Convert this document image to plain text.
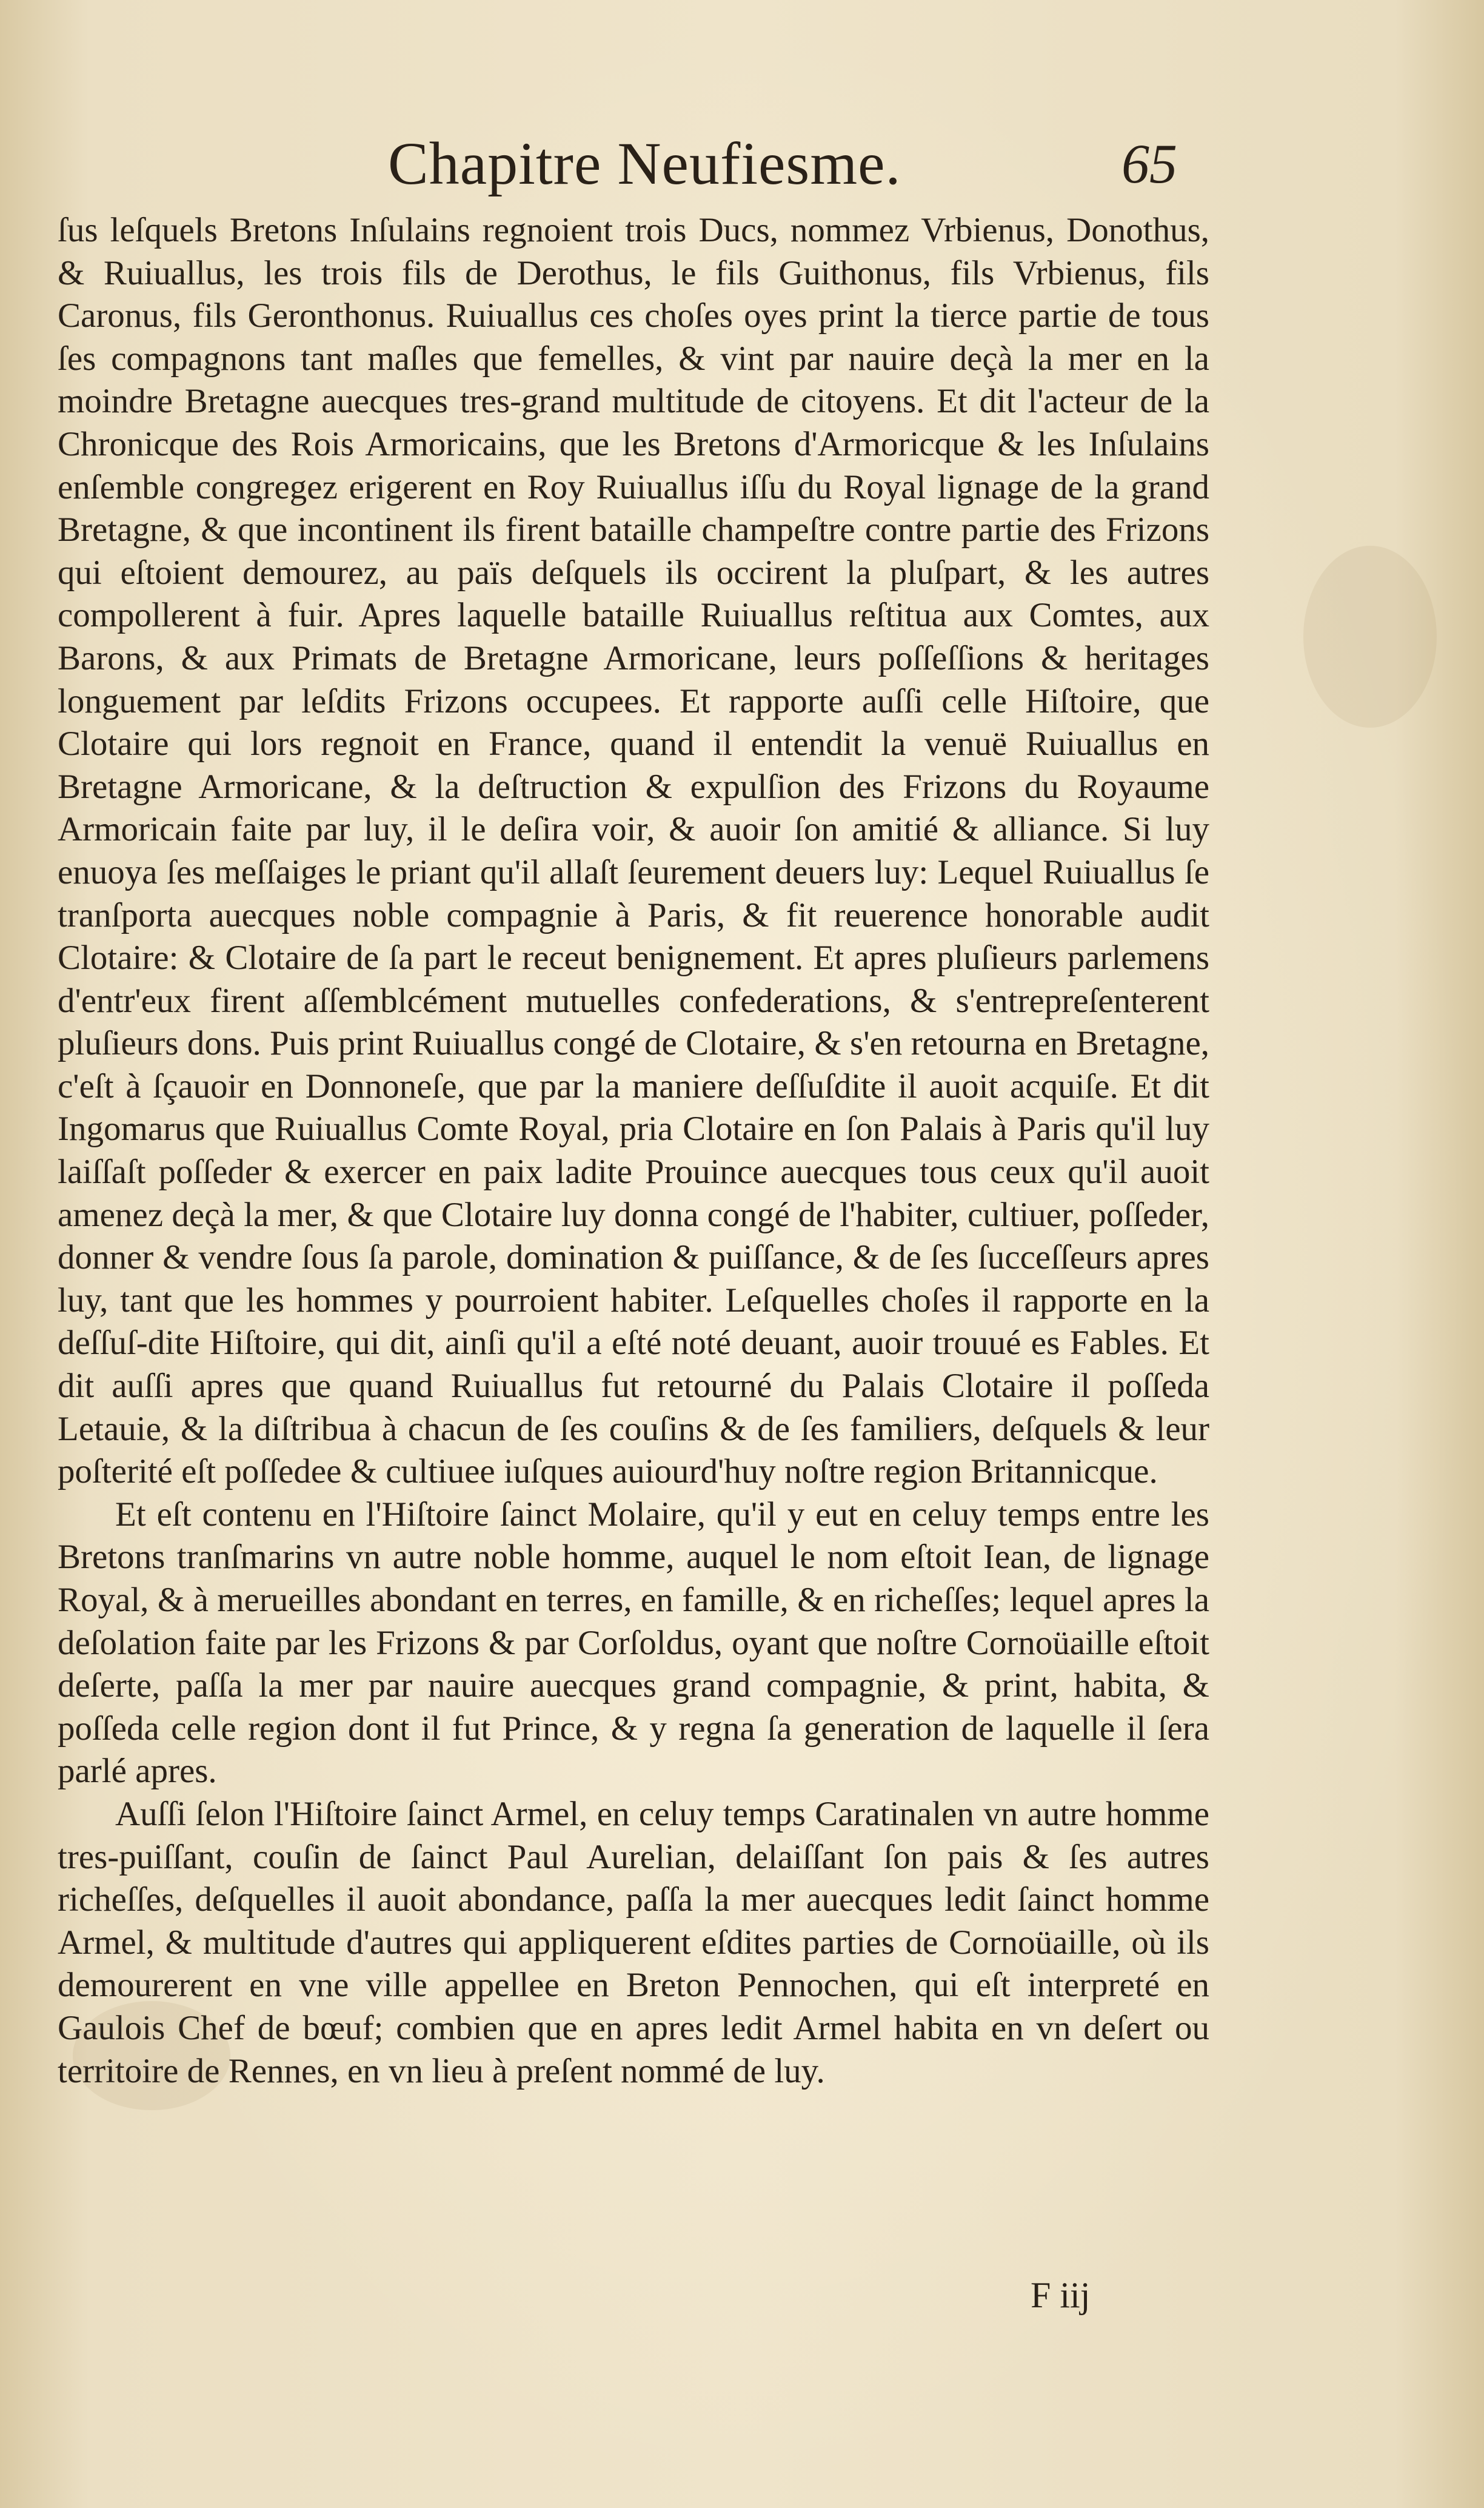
Chapitre Neufiesme.	65

ſus leſquels Bretons Inſulains regnoient trois Ducs, nommez Vrbienus, Donothus, & Ruiuallus, les trois fils de Derothus, le fils Guithonus, fils Vrbienus, fils Caronus, fils Geronthonus. Ruiuallus ces choſes oyes print la tierce partie de tous ſes compagnons tant maſles que femelles, & vint par nauire deçà la mer en la moindre Bretagne auecques tres-grand multitude de citoyens. Et dit l'acteur de la Chronicque des Rois Armoricains, que les Bretons d'Armoricque & les Inſulains enſemble congregez erigerent en Roy Ruiuallus iſſu du Royal lignage de la grand Bretagne, & que incontinent ils firent bataille champeſtre contre partie des Frizons qui eſtoient demourez, au païs deſquels ils occirent la pluſpart, & les autres compollerent à fuir. Apres laquelle bataille Ruiuallus reſtitua aux Comtes, aux Barons, & aux Primats de Bretagne Armoricane, leurs poſſeſſions & heritages longuement par leſdits Frizons occupees. Et rapporte auſſi celle Hiſtoire, que Clotaire qui lors regnoit en France, quand il entendit la venuë Ruiuallus en Bretagne Armoricane, & la deſtruction & expulſion des Frizons du Royaume Armoricain faite par luy, il le deſira voir, & auoir ſon amitié & alliance. Si luy enuoya ſes meſſaiges le priant qu'il allaſt ſeurement deuers luy: Lequel Ruiuallus ſe tranſporta auecques noble compagnie à Paris, & fit reuerence honorable audit Clotaire: & Clotaire de ſa part le receut benignement. Et apres pluſieurs parlemens d'entr'eux firent aſſemblcément mutuelles confederations, & s'entrepreſenterent pluſieurs dons. Puis print Ruiuallus congé de Clotaire, & s'en retourna en Bretagne, c'eſt à ſçauoir en Donnoneſe, que par la maniere deſſuſdite il auoit acquiſe. Et dit Ingomarus que Ruiuallus Comte Royal, pria Clotaire en ſon Palais à Paris qu'il luy laiſſaſt poſſeder & exercer en paix ladite Prouince auecques tous ceux qu'il auoit amenez deçà la mer, & que Clotaire luy donna congé de l'habiter, cultiuer, poſſeder, donner & vendre ſous ſa parole, domination & puiſſance, & de ſes ſucceſſeurs apres luy, tant que les hommes y pourroient habiter. Leſquelles choſes il rapporte en la deſſuſ-dite Hiſtoire, qui dit, ainſi qu'il a eſté noté deuant, auoir trouué es Fables. Et dit auſſi apres que quand Ruiuallus fut retourné du Palais Clotaire il poſſeda Letauie, & la diſtribua à chacun de ſes couſins & de ſes familiers, deſquels & leur poſterité eſt poſſedee & cultiuee iuſques auiourd'huy noſtre region Britannicque.

Et eſt contenu en l'Hiſtoire ſainct Molaire, qu'il y eut en celuy temps entre les Bretons tranſmarins vn autre noble homme, auquel le nom eſtoit Iean, de lignage Royal, & à merueilles abondant en terres, en famille, & en richeſſes; lequel apres la deſolation faite par les Frizons & par Corſoldus, oyant que noſtre Cornoüaille eſtoit deſerte, paſſa la mer par nauire auecques grand compagnie, & print, habita, & poſſeda celle region dont il fut Prince, & y regna ſa generation de laquelle il ſera parlé apres.

Auſſi ſelon l'Hiſtoire ſainct Armel, en celuy temps Caratinalen vn autre homme tres-puiſſant, couſin de ſainct Paul Aurelian, delaiſſant ſon pais & ſes autres richeſſes, deſquelles il auoit abondance, paſſa la mer auecques ledit ſainct homme Armel, & multitude d'autres qui appliquerent eſdites parties de Cornoüaille, où ils demourerent en vne ville appellee en Breton Pennochen, qui eſt interpreté en Gaulois Chef de bœuf; combien que en apres ledit Armel habita en vn deſert ou territoire de Rennes, en vn lieu à preſent nommé de luy.

F iij
